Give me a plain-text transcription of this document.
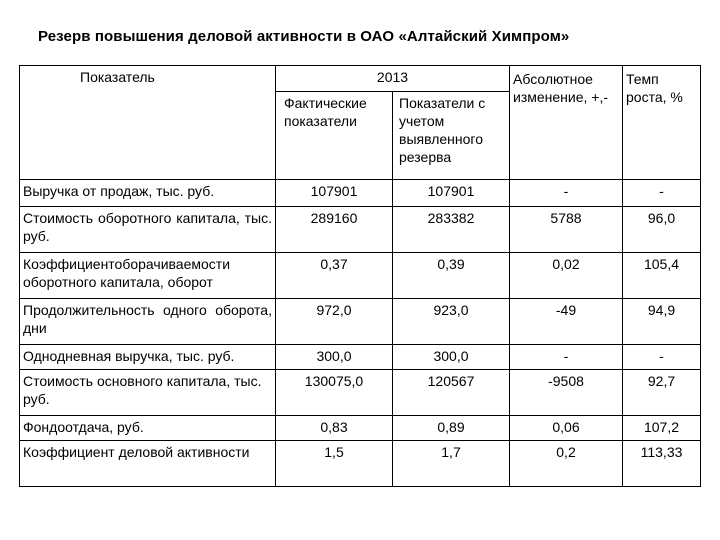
Резерв повышения деловой активности в ОАО «Алтайский Химпром»
Показатель	2013		Абсолютное изменение, +,-	Темп роста, %
	Фактические показатели	Показатели с учетом выявленного резерва		
Выручка от продаж, тыс. руб.	107901	107901	-	-
Стоимость оборотного капитала, тыс. руб.	289160	283382	5788	96,0
Коэффициентоборачиваемости оборотного капитала, оборот	0,37	0,39	0,02	105,4
Продолжительность одного оборота, дни	972,0	923,0	-49	94,9
Однодневная выручка, тыс. руб.	300,0	300,0	-	-
Стоимость основного капитала, тыс. руб.	130075,0	120567	-9508	92,7
Фондоотдача, руб.	0,83	0,89	0,06	107,2
Коэффициент деловой активности	1,5	1,7	0,2	113,33
